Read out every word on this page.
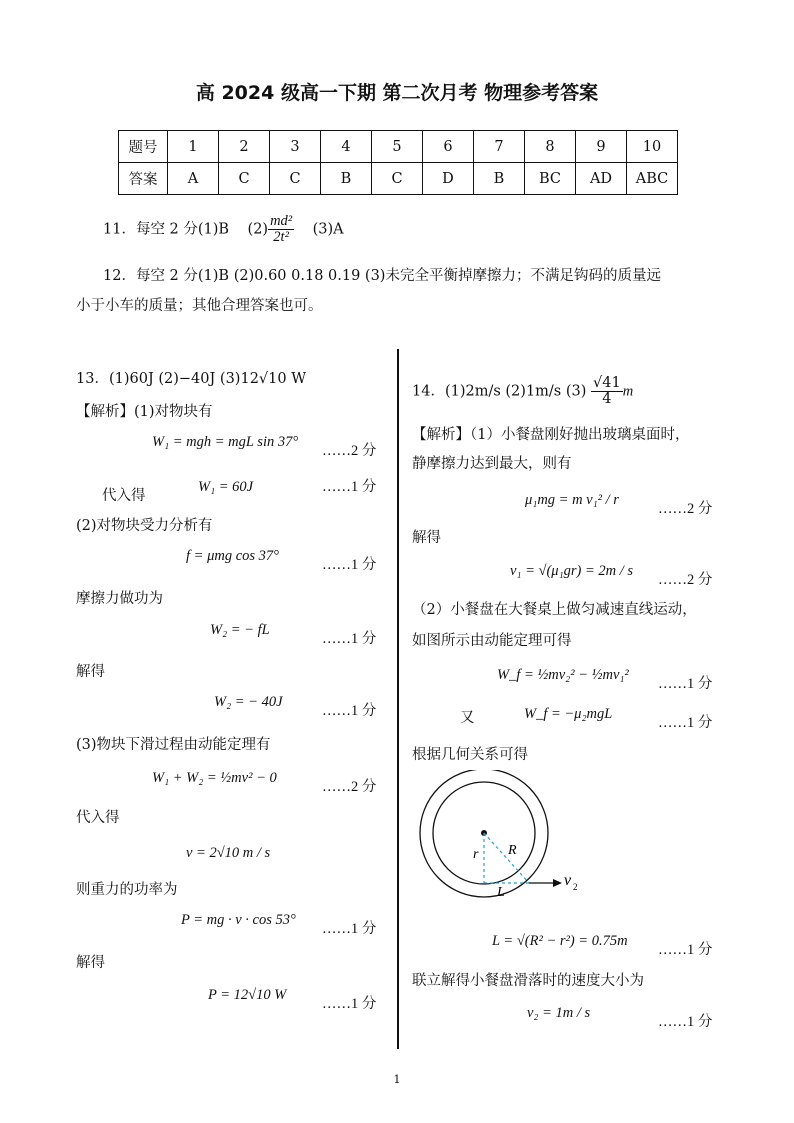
高 2024 级高一下期 第二次月考 物理参考答案
题号	1	2	3	4	5	6	7	8	9	10
答案	A	C	C	B	C	D	B	BC	AD	ABC
11．每空 2 分(1)B $(2) \frac{\text{md²}}{\text{2t²}} (3)A$
12．每空 2 分(1)B (2)0.60 0.18 0.19 (3)未完全平衡掉摩擦力；不满足钩码的质量远
小于小车的质量；其他合理答案也可。
13．(1)60J (2)−40J (3)12√10 W
【解析】(1)对物块有
W₁ = mgh = mgL sin 37°
……2 分
代入得
W₁ = 60J	……1 分
(2)对物块受力分析有
f = μmg cos 37°
……1 分
摩擦力做功为
W₂ = − fL
……1 分
解得
W₂ = − 40J
……1 分
(3)物块下滑过程由动能定理有
W₁ + W₂ = ½mv² − 0
……2 分
代入得
v = 2√10 m / s
则重力的功率为
P = mg · v · cos 53°
……1 分
解得
P = 12√10 W
……1 分
14．(1)2m/s (2)1m/s $(3) \frac{√41}{4}$ m
【解析】（1）小餐盘刚好抛出玻璃桌面时，
静摩擦力达到最大，则有
μ₁mg = m v₁² / r
……2 分
解得
v₁ = √(μ₁gr) = 2m / s
……2 分
（2）小餐盘在大餐桌上做匀减速直线运动，
如图所示由动能定理可得
W_f = ½mv₂² − ½mv₁²
……1 分
又	W_f = −μ₂mgL
……1 分
根据几何关系可得
r R
L
v 2
L = √(R² − r²) = 0.75m
……1 分
联立解得小餐盘滑落时的速度大小为
v₂ = 1m / s
……1 分
1
